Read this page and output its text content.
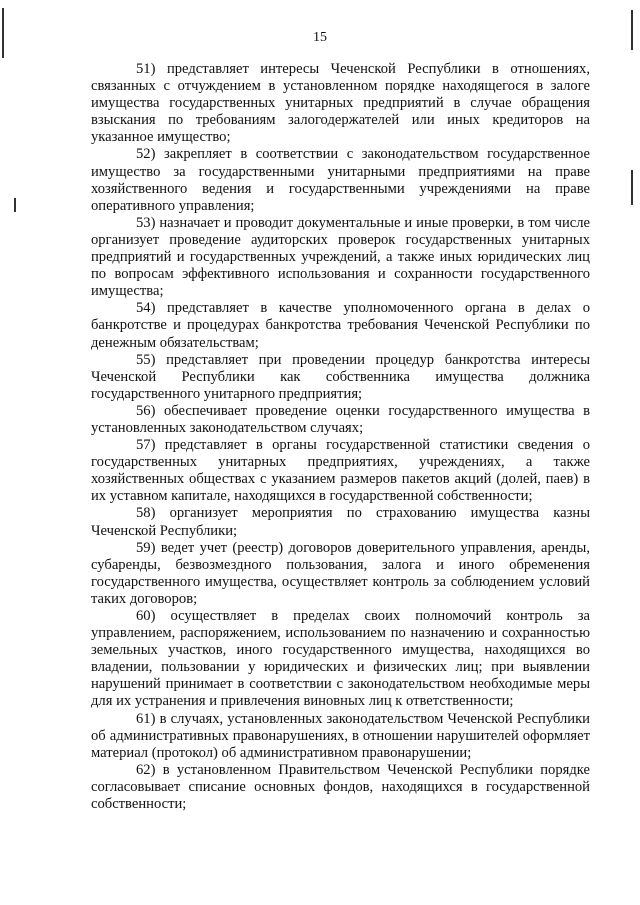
15

51) представляет интересы Чеченской Республики в отношениях, связанных с отчуждением в установленном порядке находящегося в залоге имущества государственных унитарных предприятий в случае обращения взыскания по требованиям залогодержателей или иных кредиторов на указанное имущество;

52) закрепляет в соответствии с законодательством государственное имущество за государственными унитарными предприятиями на праве хозяйственного ведения и государственными учреждениями на праве оперативного управления;

53) назначает и проводит документальные и иные проверки, в том числе организует проведение аудиторских проверок государственных унитарных предприятий и государственных учреждений, а также иных юридических лиц по вопросам эффективного использования и сохранности государственного имущества;

54) представляет в качестве уполномоченного органа в делах о банкротстве и процедурах банкротства требования Чеченской Республики по денежным обязательствам;

55) представляет при проведении процедур банкротства интересы Чеченской Республики как собственника имущества должника государственного унитарного предприятия;

56) обеспечивает проведение оценки государственного имущества в установленных законодательством случаях;

57) представляет в органы государственной статистики сведения о государственных унитарных предприятиях, учреждениях, а также хозяйственных обществах с указанием размеров пакетов акций (долей, паев) в их уставном капитале, находящихся в государственной собственности;

58) организует мероприятия по страхованию имущества казны Чеченской Республики;

59) ведет учет (реестр) договоров доверительного управления, аренды, субаренды, безвозмездного пользования, залога и иного обременения государственного имущества, осуществляет контроль за соблюдением условий таких договоров;

60) осуществляет в пределах своих полномочий контроль за управлением, распоряжением, использованием по назначению и сохранностью земельных участков, иного государственного имущества, находящихся во владении, пользовании у юридических и физических лиц; при выявлении нарушений принимает в соответствии с законодательством необходимые меры для их устранения и привлечения виновных лиц к ответственности;

61) в случаях, установленных законодательством Чеченской Республики об административных правонарушениях, в отношении нарушителей оформляет материал (протокол) об административном правонарушении;

62) в установленном Правительством Чеченской Республики порядке согласовывает списание основных фондов, находящихся в государственной собственности;
